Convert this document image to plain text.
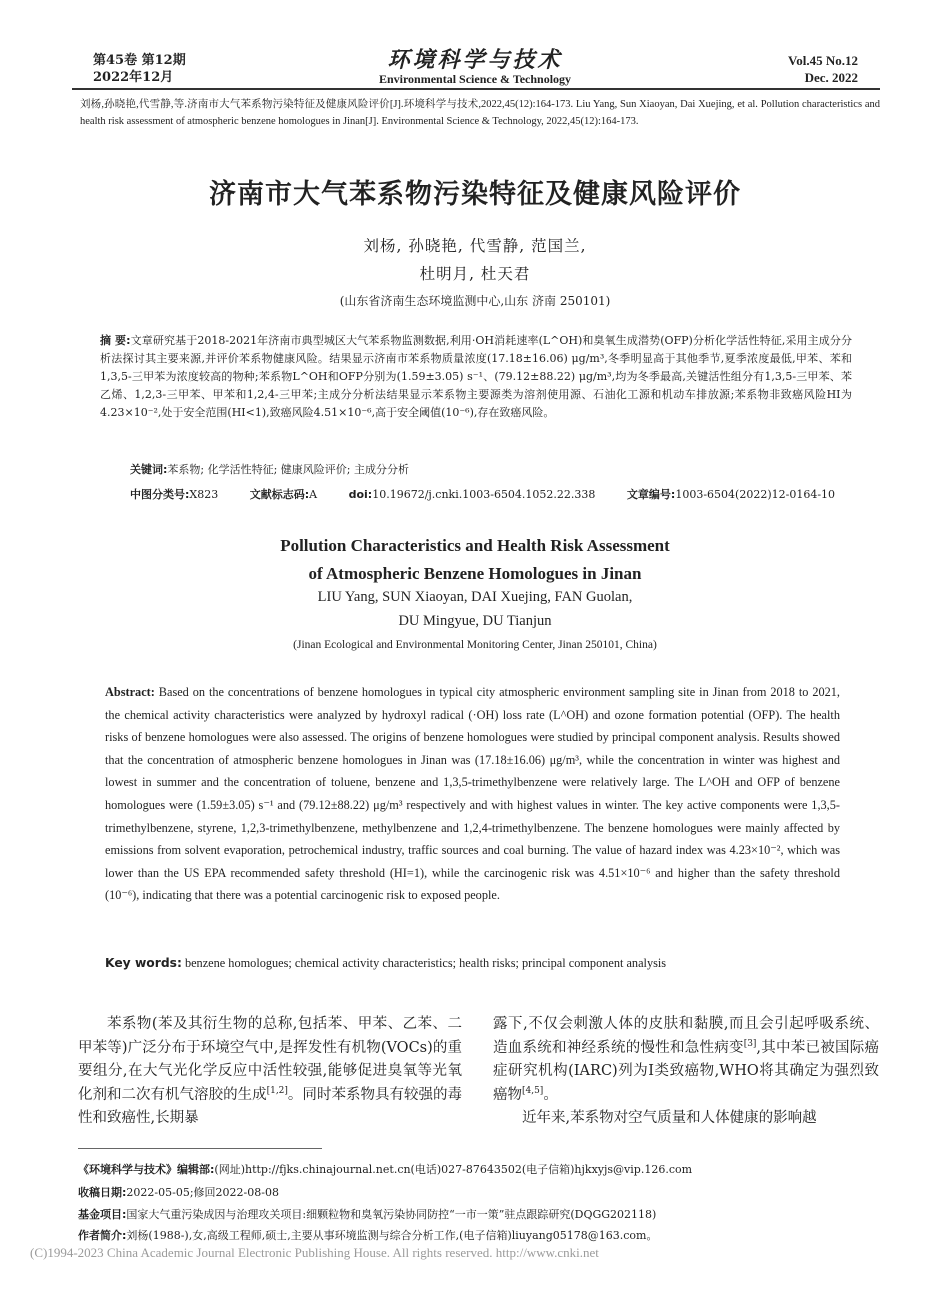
第45卷 第12期
2022年12月
环境科学与技术
Environmental Science & Technology
Vol.45 No.12
Dec. 2022
刘杨,孙晓艳,代雪静,等.济南市大气苯系物污染特征及健康风险评价[J].环境科学与技术,2022,45(12):164-173. Liu Yang, Sun Xiaoyan, Dai Xuejing, et al. Pollution characteristics and health risk assessment of atmospheric benzene homologues in Jinan[J]. Environmental Science & Technology, 2022,45(12):164-173.
济南市大气苯系物污染特征及健康风险评价
刘杨, 孙晓艳, 代雪静, 范国兰,
杜明月, 杜天君
(山东省济南生态环境监测中心,山东 济南 250101)
摘 要:文章研究基于2018-2021年济南市典型城区大气苯系物监测数据,利用·OH消耗速率(L^OH)和臭氧生成潜势(OFP)分析化学活性特征,采用主成分分析法探讨其主要来源,并评价苯系物健康风险。结果显示济南市苯系物质量浓度(17.18±16.06) μg/m³,冬季明显高于其他季节,夏季浓度最低,甲苯、苯和1,3,5-三甲苯为浓度较高的物种;苯系物L^OH和OFP分别为(1.59±3.05) s⁻¹、(79.12±88.22) μg/m³,均为冬季最高,关键活性组分有1,3,5-三甲苯、苯乙烯、1,2,3-三甲苯、甲苯和1,2,4-三甲苯;主成分分析法结果显示苯系物主要源类为溶剂使用源、石油化工源和机动车排放源;苯系物非致癌风险HI为4.23×10⁻²,处于安全范围(HI<1),致癌风险4.51×10⁻⁶,高于安全阈值(10⁻⁶),存在致癌风险。
关键词:苯系物; 化学活性特征; 健康风险评价; 主成分分析
中图分类号:X823	文献标志码:A	doi:10.19672/j.cnki.1003-6504.1052.22.338	文章编号:1003-6504(2022)12-0164-10
Pollution Characteristics and Health Risk Assessment
of Atmospheric Benzene Homologues in Jinan
LIU Yang, SUN Xiaoyan, DAI Xuejing, FAN Guolan,
DU Mingyue, DU Tianjun
(Jinan Ecological and Environmental Monitoring Center, Jinan 250101, China)
Abstract: Based on the concentrations of benzene homologues in typical city atmospheric environment sampling site in Jinan from 2018 to 2021, the chemical activity characteristics were analyzed by hydroxyl radical (·OH) loss rate (L^OH) and ozone formation potential (OFP). The health risks of benzene homologues were also assessed. The origins of benzene homologues were studied by principal component analysis. Results showed that the concentration of atmospheric benzene homologues in Jinan was (17.18±16.06) μg/m³, while the concentration in winter was highest and lowest in summer and the concentration of toluene, benzene and 1,3,5-trimethylbenzene were relatively large. The L^OH and OFP of benzene homologues were (1.59±3.05) s⁻¹ and (79.12±88.22) μg/m³ respectively and with highest values in winter. The key active components were 1,3,5-trimethylbenzene, styrene, 1,2,3-trimethylbenzene, methylbenzene and 1,2,4-trimethylbenzene. The benzene homologues were mainly affected by emissions from solvent evaporation, petrochemical industry, traffic sources and coal burning. The value of hazard index was 4.23×10⁻², which was lower than the US EPA recommended safety threshold (HI=1), while the carcinogenic risk was 4.51×10⁻⁶ and higher than the safety threshold (10⁻⁶), indicating that there was a potential carcinogenic risk to exposed people.
Key words: benzene homologues; chemical activity characteristics; health risks; principal component analysis
苯系物(苯及其衍生物的总称,包括苯、甲苯、乙苯、二甲苯等)广泛分布于环境空气中,是挥发性有机物(VOCs)的重要组分,在大气光化学反应中活性较强,能够促进臭氧等光氧化剂和二次有机气溶胶的生成[1,2]。同时苯系物具有较强的毒性和致癌性,长期暴
露下,不仅会刺激人体的皮肤和黏膜,而且会引起呼吸系统、造血系统和神经系统的慢性和急性病变[3],其中苯已被国际癌症研究机构(IARC)列为Ⅰ类致癌物,WHO将其确定为强烈致癌物[4,5]。
近年来,苯系物对空气质量和人体健康的影响越
《环境科学与技术》编辑部:(网址)http://fjks.chinajournal.net.cn(电话)027-87643502(电子信箱)hjkxyjs@vip.126.com
收稿日期:2022-05-05;修回2022-08-08
基金项目:国家大气重污染成因与治理攻关项目:细颗粒物和臭氧污染协同防控“一市一策”驻点跟踪研究(DQGG202118)
作者简介:刘杨(1988-),女,高级工程师,硕士,主要从事环境监测与综合分析工作,(电子信箱)liuyang05178@163.com。
(C)1994-2023 China Academic Journal Electronic Publishing House. All rights reserved. http://www.cnki.net
